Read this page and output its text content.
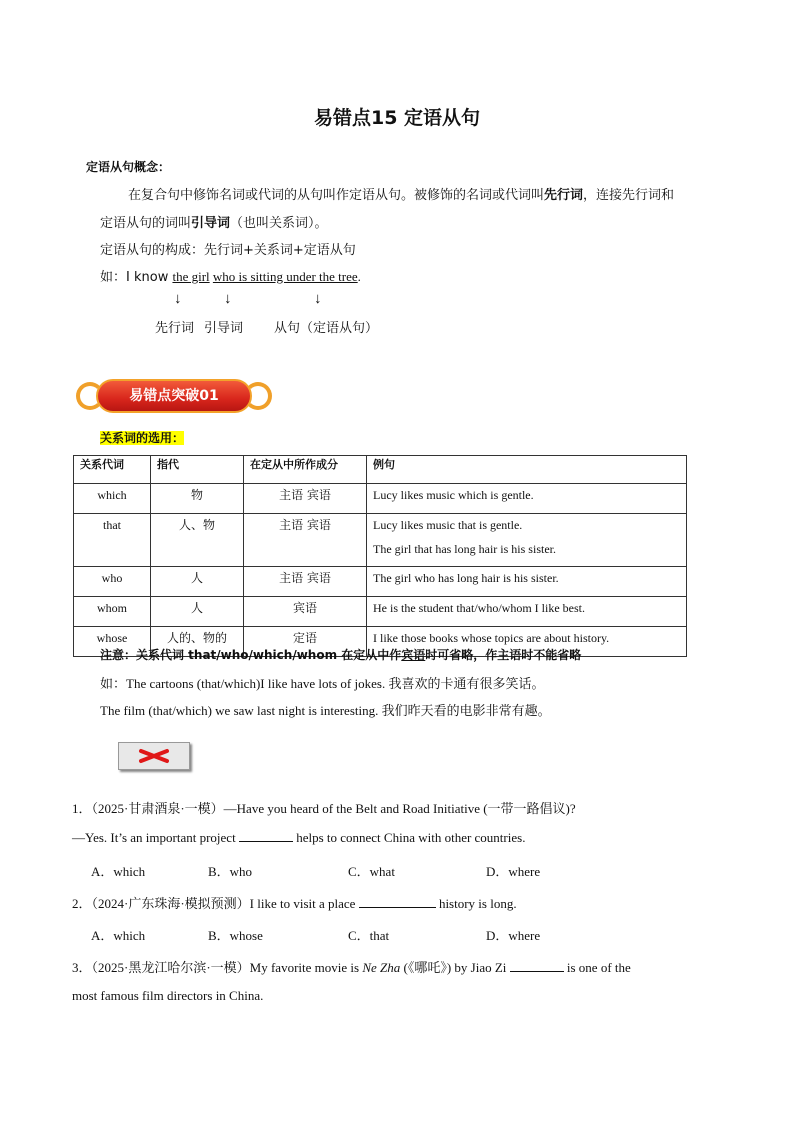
易错点15 定语从句
定语从句概念：
在复合句中修饰名词或代词的从句叫作定语从句。被修饰的名词或代词叫先行词，连接先行词和
定语从句的词叫引导词（也叫关系词）。
定语从句的构成：先行词+关系词+定语从句
如：I know the girl who is sitting under the tree.
↓	↓	↓
先行词 引导词 从句（定语从句）
易错点突破01
关系词的选用：
关系代词	指代	在定从中所作成分	例句
which	物	主语 宾语	Lucy likes music which is gentle.
that	人、物	主语 宾语	Lucy likes music that is gentle.
The girl that has long hair is his sister.

who	人	主语 宾语	The girl who has long hair is his sister.
whom	人	宾语	He is the student that/who/whom I like best.
whose	人的、物的	定语	I like those books whose topics are about history.
注意：关系代词 that/who/which/whom 在定从中作宾语时可省略，作主语时不能省略
如：The cartoons (that/which)I like have lots of jokes. 我喜欢的卡通有很多笑话。
The film (that/which) we saw last night is interesting. 我们昨天看的电影非常有趣。
1．（2025·甘肃酒泉·一模）—Have you heard of the Belt and Road Initiative (一带一路倡议)?
—Yes. It’s an important project	helps to connect China with other countries.
A．which	B．who	C．what	D．where
2．（2024·广东珠海·模拟预测）I like to visit a place	history is long.
A．which	B．whose	C．that	D．where
3．（2025·黑龙江哈尔滨·一模）My favorite movie is Ne Zha (《哪吒》) by Jiao Zi	is one of the
most famous film directors in China.
